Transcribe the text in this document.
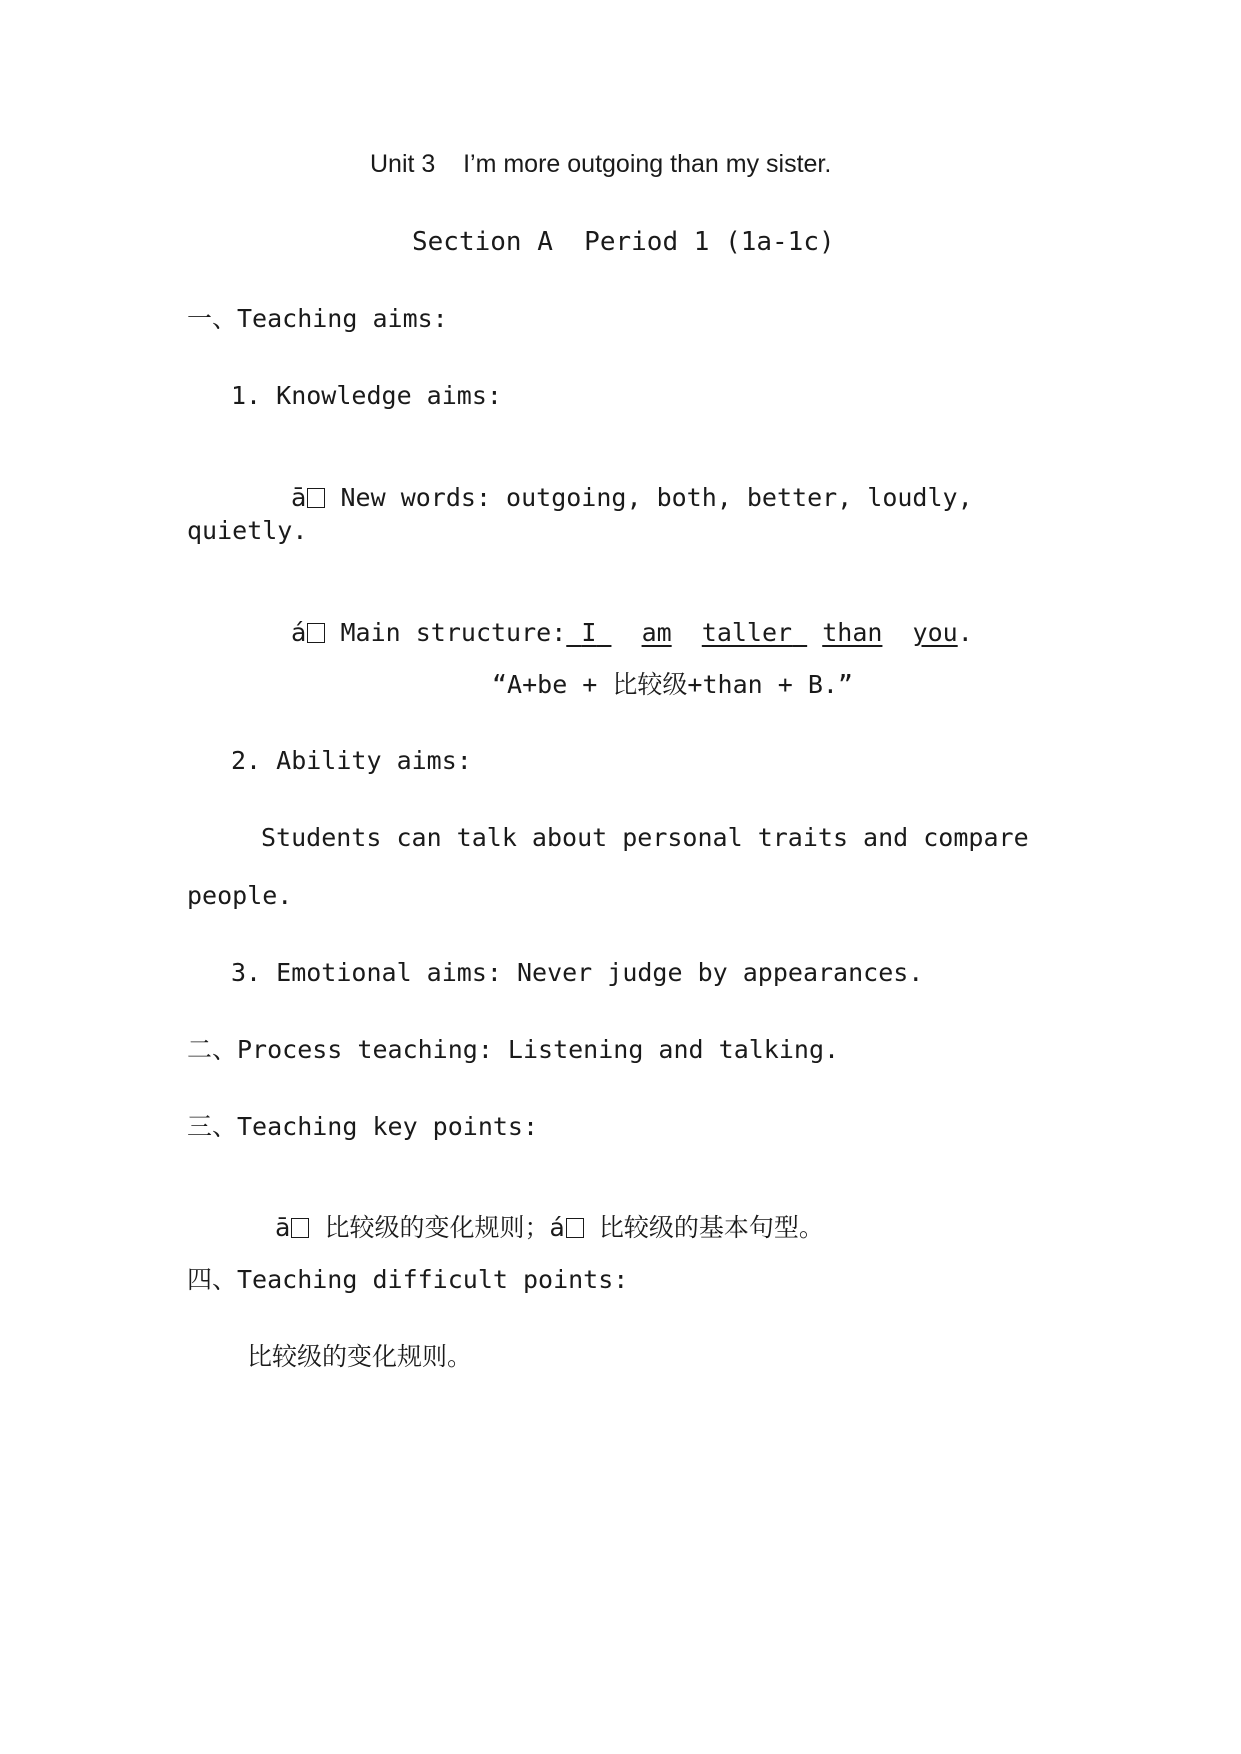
Unit 3    I’m more outgoing than my sister.
Section A  Period 1 (1a-1c)
一、Teaching aims:
1. Knowledge aims:

ā New words: outgoing, both, better, loudly,

quietly.

á Main structure: I am taller than you.

“A+be + 比较级+than + B.”
2. Ability aims:
Students can talk about personal traits and compare
people.
3. Emotional aims: Never judge by appearances.
二、Process teaching: Listening and talking.
三、Teaching key points:

ā 比较级的变化规则；á 比较级的基本句型。

四、Teaching difficult points:
比较级的变化规则。
